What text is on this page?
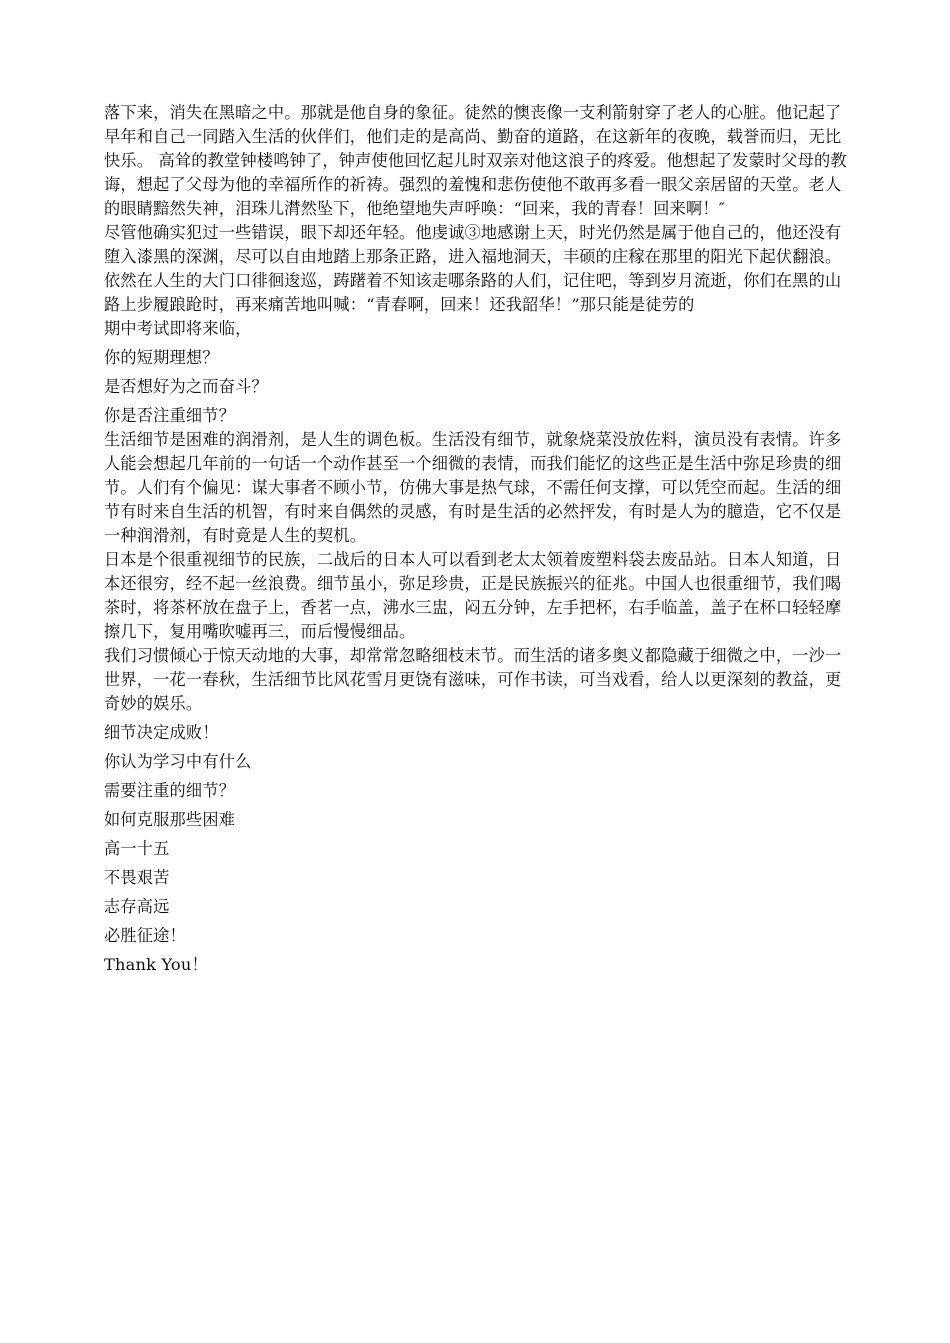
落下来，消失在黑暗之中。那就是他自身的象征。徒然的懊丧像一支利箭射穿了老人的心脏。他记起了早年和自己一同踏入生活的伙伴们，他们走的是高尚、勤奋的道路，在这新年的夜晚，载誉而归，无比快乐。 高耸的教堂钟楼鸣钟了，钟声使他回忆起儿时双亲对他这浪子的疼爱。他想起了发蒙时父母的教诲，想起了父母为他的幸福所作的祈祷。强烈的羞愧和悲伤使他不敢再多看一眼父亲居留的天堂。老人的眼睛黯然失神，泪珠儿潸然坠下，他绝望地失声呼唤：“回来，我的青春！回来啊！″

尽管他确实犯过一些错误，眼下却还年轻。他虔诚③地感谢上天，时光仍然是属于他自己的，他还没有堕入漆黑的深渊，尽可以自由地踏上那条正路，进入福地洞天，丰硕的庄稼在那里的阳光下起伏翻浪。 依然在人生的大门口徘徊逡巡，踌躇着不知该走哪条路的人们，记住吧，等到岁月流逝，你们在黑的山路上步履踉跄时，再来痛苦地叫喊：“青春啊，回来！还我韶华！”那只能是徒劳的

期中考试即将来临，

你的短期理想？

是否想好为之而奋斗？

你是否注重细节？

生活细节是困难的润滑剂，是人生的调色板。生活没有细节，就象烧菜没放佐料，演员没有表情。许多人能会想起几年前的一句话一个动作甚至一个细微的表情，而我们能忆的这些正是生活中弥足珍贵的细节。人们有个偏见：谋大事者不顾小节，仿佛大事是热气球，不需任何支撑，可以凭空而起。生活的细节有时来自生活的机智，有时来自偶然的灵感，有时是生活的必然抨发，有时是人为的臆造，它不仅是一种润滑剂，有时竟是人生的契机。

日本是个很重视细节的民族，二战后的日本人可以看到老太太领着废塑料袋去废品站。日本人知道，日本还很穷，经不起一丝浪费。细节虽小，弥足珍贵，正是民族振兴的征兆。中国人也很重细节，我们喝茶时，将茶杯放在盘子上，香茗一点，沸水三盅，闷五分钟，左手把杯，右手临盖，盖子在杯口轻轻摩擦几下，复用嘴吹嘘再三，而后慢慢细品。

我们习惯倾心于惊天动地的大事，却常常忽略细枝末节。而生活的诸多奥义都隐藏于细微之中，一沙一世界，一花一春秋，生活细节比风花雪月更饶有滋味，可作书读，可当戏看，给人以更深刻的教益，更奇妙的娱乐。

细节决定成败！

你认为学习中有什么

需要注重的细节？

如何克服那些困难

高一十五

不畏艰苦

志存高远

必胜征途！

Thank You！
